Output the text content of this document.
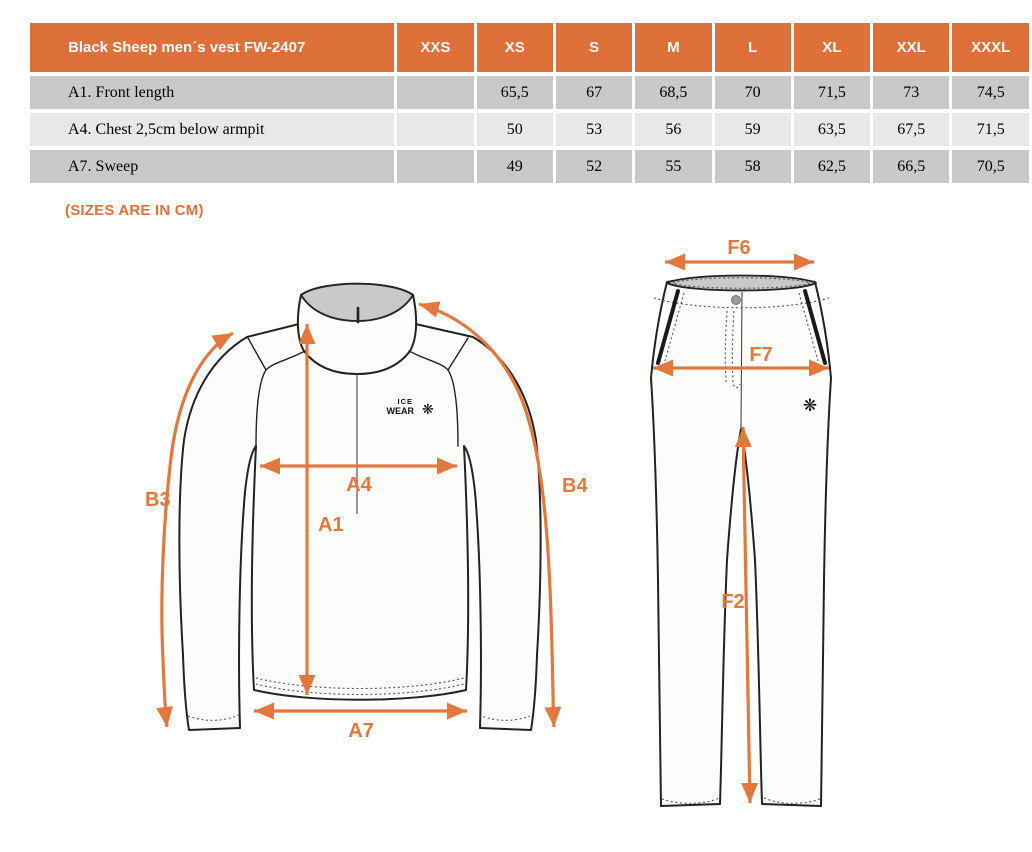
Black Sheep men´s vest FW-2407	XXS	XS	S	M	L	XL	XXL	XXXL
A1. Front length		65,5	67	68,5	70	71,5	73	74,5
A4. Chest 2,5cm below armpit		50	53	56	59	63,5	67,5	71,5
A7. Sweep		49	52	55	58	62,5	66,5	70,5
(SIZES ARE IN CM)
ICE
WEAR ❋
A4
A1
A7
B3
B4
❋
F6
F7
F2
